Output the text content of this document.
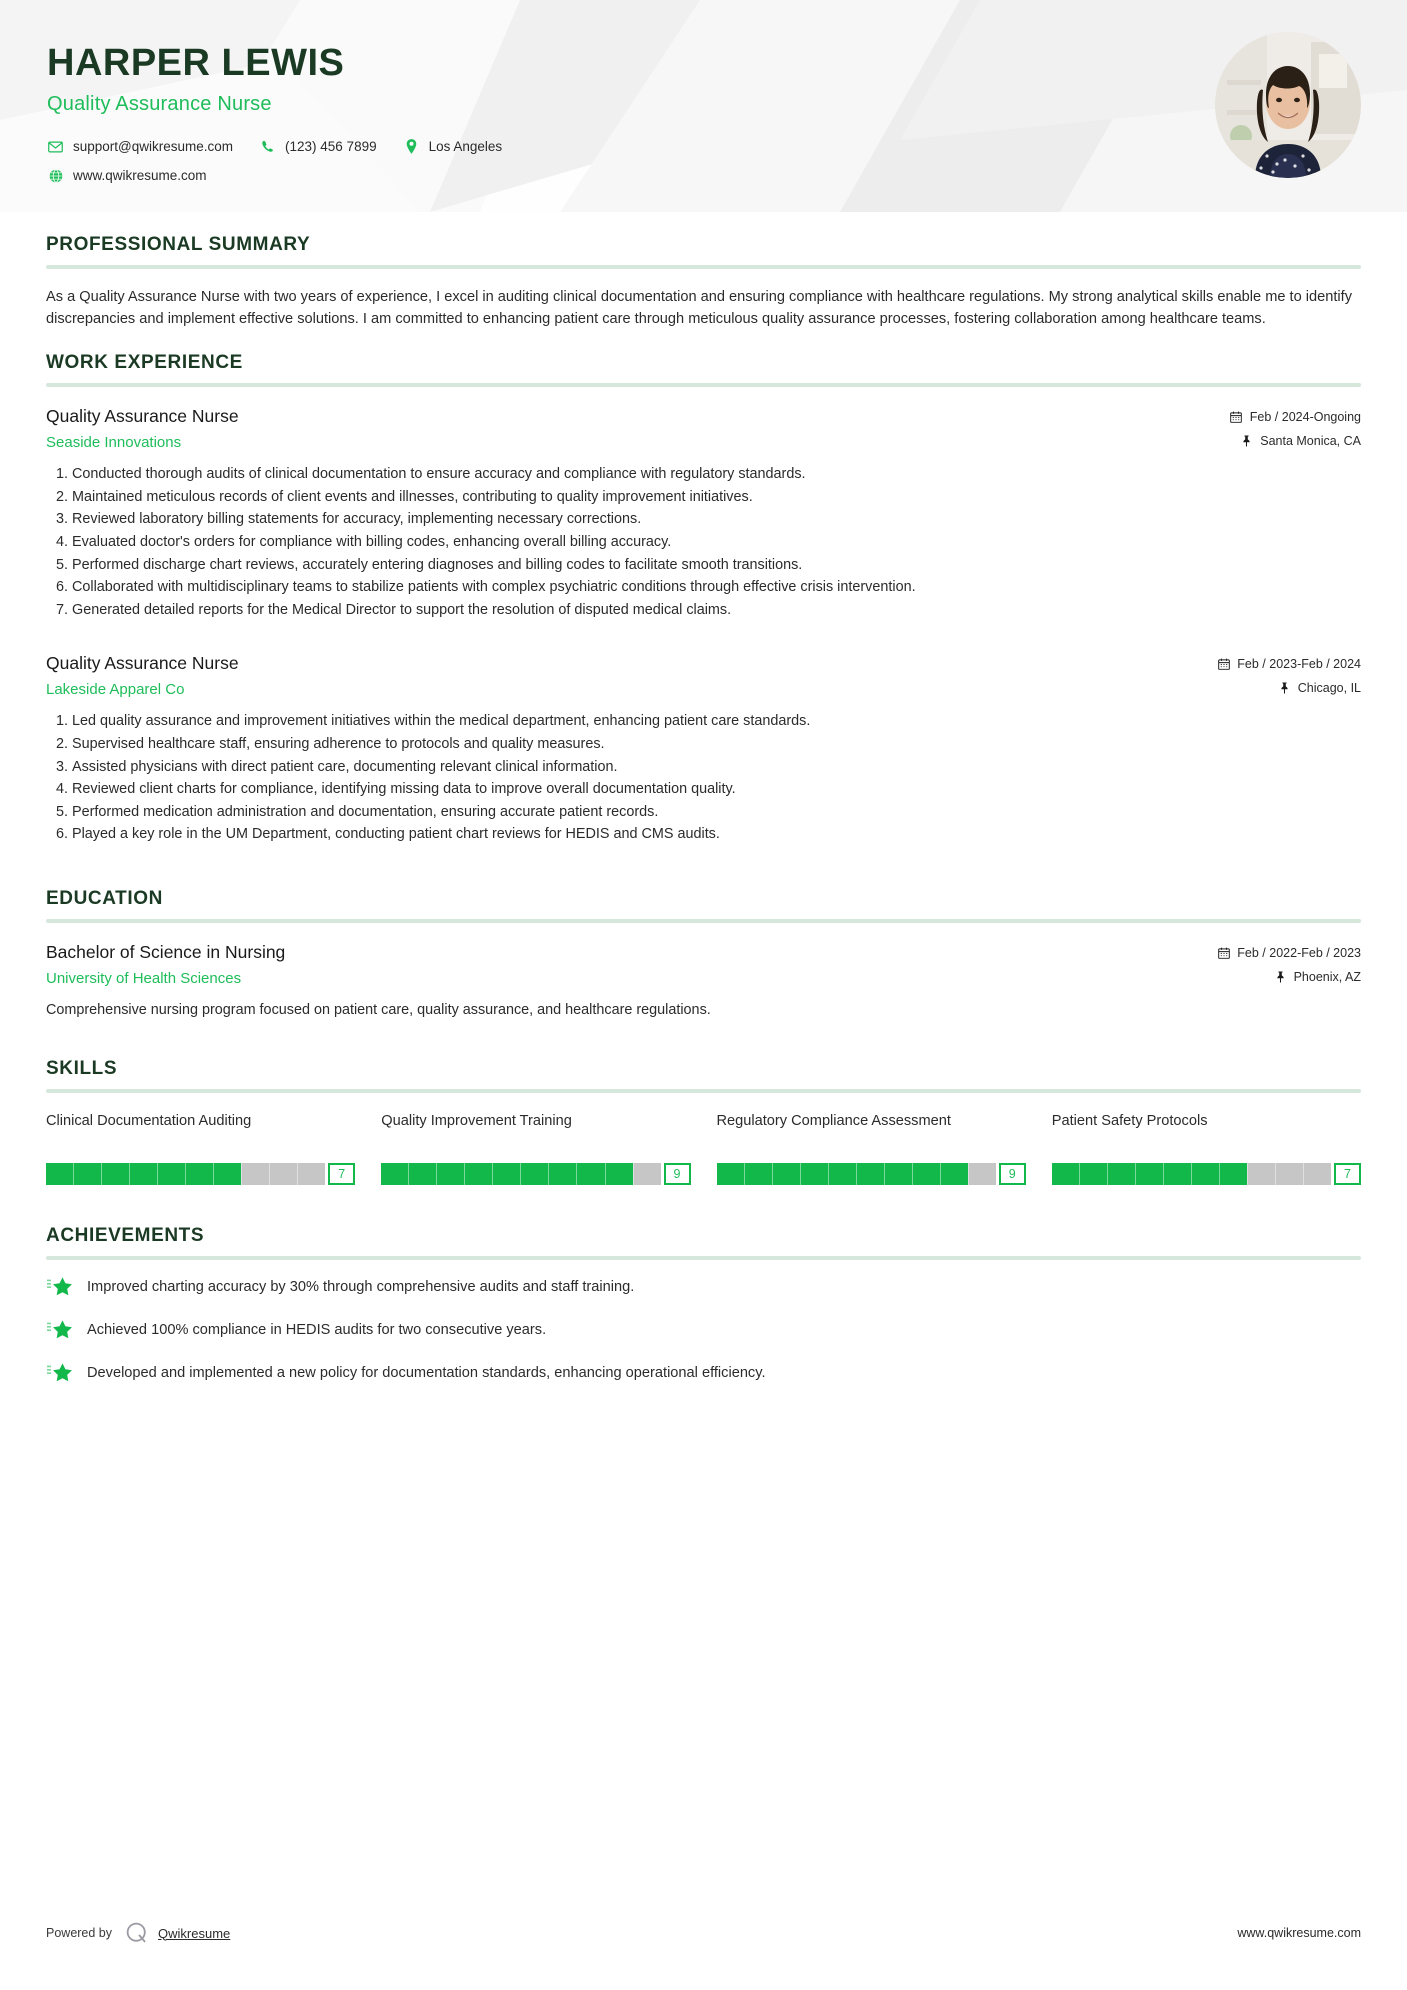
HARPER LEWIS
Quality Assurance Nurse
support@qwikresume.com	(123) 456 7899	Los Angeles
www.qwikresume.com
PROFESSIONAL SUMMARY

As a Quality Assurance Nurse with two years of experience, I excel in auditing clinical documentation and ensuring compliance with healthcare regulations. My strong analytical skills enable me to identify discrepancies and implement effective solutions. I am committed to enhancing patient care through meticulous quality assurance processes, fostering collaboration among healthcare teams.

WORK EXPERIENCE
Quality Assurance Nurse
Seaside Innovations
Feb / 2024-Ongoing
Santa Monica, CA
Conducted thorough audits of clinical documentation to ensure accuracy and compliance with regulatory standards.
Maintained meticulous records of client events and illnesses, contributing to quality improvement initiatives.
Reviewed laboratory billing statements for accuracy, implementing necessary corrections.
Evaluated doctor's orders for compliance with billing codes, enhancing overall billing accuracy.
Performed discharge chart reviews, accurately entering diagnoses and billing codes to facilitate smooth transitions.
Collaborated with multidisciplinary teams to stabilize patients with complex psychiatric conditions through effective crisis intervention.
Generated detailed reports for the Medical Director to support the resolution of disputed medical claims.
Quality Assurance Nurse
Lakeside Apparel Co
Feb / 2023-Feb / 2024
Chicago, IL
Led quality assurance and improvement initiatives within the medical department, enhancing patient care standards.
Supervised healthcare staff, ensuring adherence to protocols and quality measures.
Assisted physicians with direct patient care, documenting relevant clinical information.
Reviewed client charts for compliance, identifying missing data to improve overall documentation quality.
Performed medication administration and documentation, ensuring accurate patient records.
Played a key role in the UM Department, conducting patient chart reviews for HEDIS and CMS audits.
EDUCATION
Bachelor of Science in Nursing
University of Health Sciences
Feb / 2022-Feb / 2023
Phoenix, AZ

Comprehensive nursing program focused on patient care, quality assurance, and healthcare regulations.

SKILLS
Clinical Documentation Auditing
7
Quality Improvement Training
9
Regulatory Compliance Assessment
9
Patient Safety Protocols
7
ACHIEVEMENTS
Improved charting accuracy by 30% through comprehensive audits and staff training.
Achieved 100% compliance in HEDIS audits for two consecutive years.
Developed and implemented a new policy for documentation standards, enhancing operational efficiency.
Powered by	Qwikresume	www.qwikresume.com
